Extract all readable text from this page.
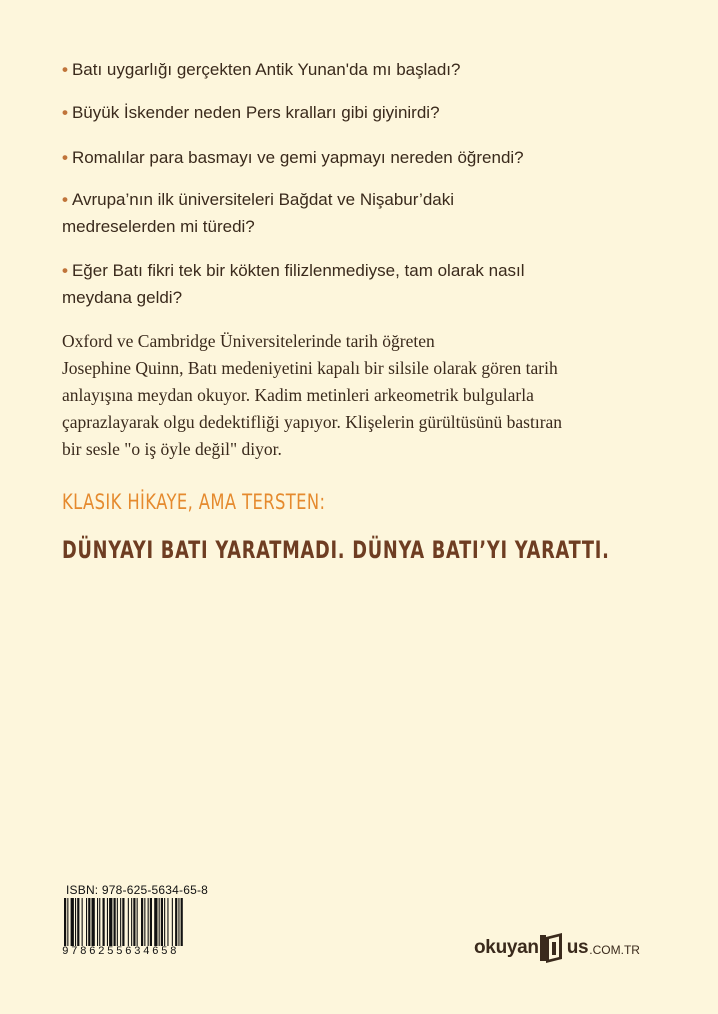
• Batı uygarlığı gerçekten Antik Yunan'da mı başladı?
• Büyük İskender neden Pers kralları gibi giyinirdi?
• Romalılar para basmayı ve gemi yapmayı nereden öğrendi?
• Avrupa’nın ilk üniversiteleri Bağdat ve Nişabur’daki
medreselerden mi türedi?
• Eğer Batı fikri tek bir kökten filizlenmediyse, tam olarak nasıl
meydana geldi?

Oxford ve Cambridge Üniversitelerinde tarih öğreten
Josephine Quinn, Batı medeniyetini kapalı bir silsile olarak gören tarih
anlayışına meydan okuyor. Kadim metinleri arkeometrik bulgularla
çaprazlayarak olgu dedektifliği yapıyor. Klişelerin gürültüsünü bastıran
bir sesle "o iş öyle değil" diyor.

KLASIK HİKAYE, AMA TERSTEN:
DÜNYAYI BATI YARATMADI. DÜNYA BATI’YI YARATTI.
ISBN: 978-625-5634-65-8
9786255634658	okuyan us .COM.TR
